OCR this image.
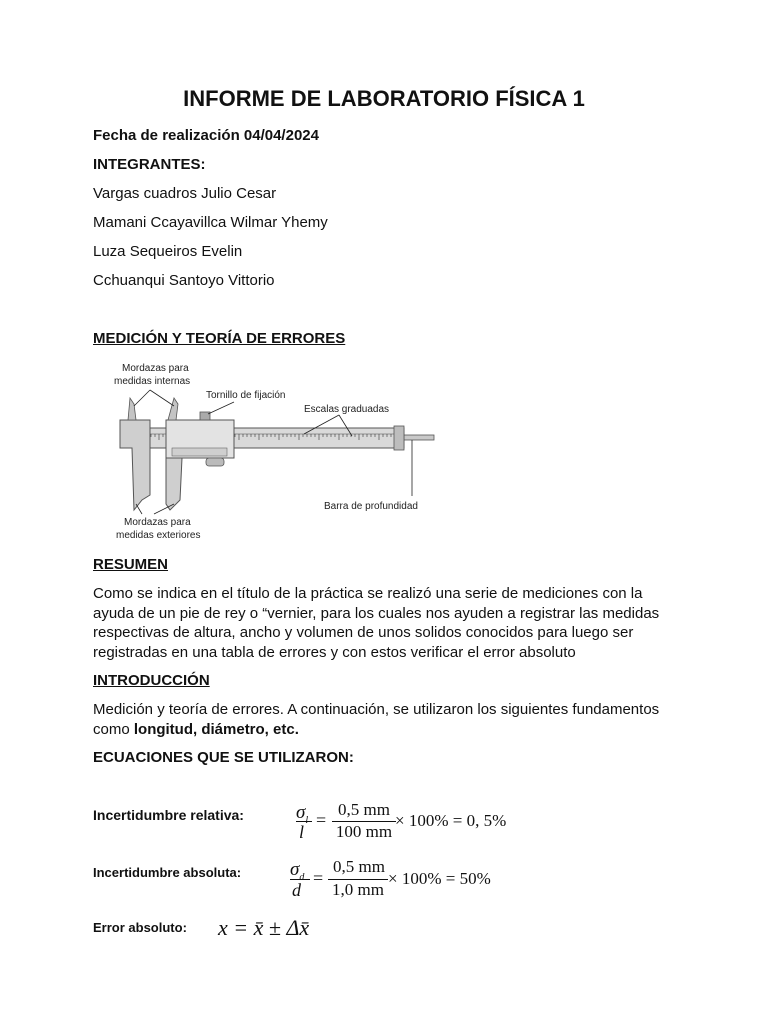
INFORME DE LABORATORIO FÍSICA 1
Fecha de realización 04/04/2024
INTEGRANTES:
Vargas cuadros Julio Cesar
Mamani Ccayavillca Wilmar Yhemy
Luza Sequeiros Evelin
Cchuanqui Santoyo Vittorio
MEDICIÓN Y TEORÍA DE ERRORES
Mordazas para
medidas internas
Tornillo de fijación
Escalas graduadas
Barra de profundidad
Mordazas para
medidas exteriores
RESUMEN
Como se indica en el título de la práctica se realizó una serie de mediciones con la ayuda de un pie de rey o “vernier, para los cuales nos ayuden a registrar las medidas respectivas de altura, ancho y volumen de unos solidos conocidos para luego ser registradas en una tabla de errores y con estos verificar el error absoluto
INTRODUCCIÓN
Medición y teoría de errores. A continuación, se utilizaron los siguientes fundamentos como longitud, diámetro, etc.
ECUACIONES QUE SE UTILIZARON:
Incertidumbre relativa:	$\sigma_l$
l
=
0,5 mm
100 mm
× 100% = 0, 5%
Incertidumbre absoluta:	$\sigma_d$
d
=
0,5 mm
1,0 mm
× 100% = 50%
Error absoluto: x = x̄ ± Δx̄
